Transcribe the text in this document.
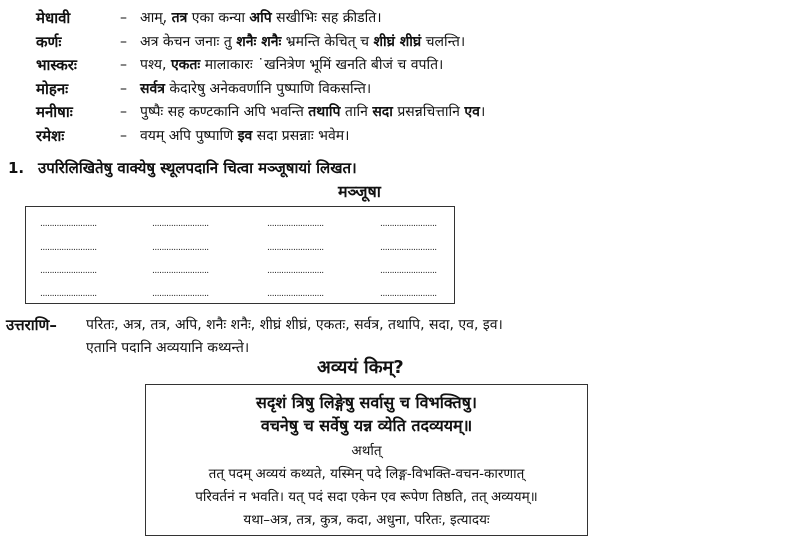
मेधावी	– आम्, तत्र एका कन्या अपि सखीभिः सह क्रीडति।
कर्णः	– अत्र केचन जनाः तु शनैः शनैः भ्रमन्ति केचित् च शीघ्रं शीघ्रं चलन्ति।
भास्करः	– पश्य, एकतः मालाकारः ˙खनित्रेण भूमिं खनति बीजं च वपति।
मोहनः	– सर्वत्र केदारेषु अनेकवर्णानि पुष्पाणि विकसन्ति।
मनीषाः	– पुष्पैः सह कण्टकानि अपि भवन्ति तथापि तानि सदा प्रसन्नचित्तानि एव।
रमेशः	– वयम् अपि पुष्पाणि इव सदा प्रसन्नाः भवेम।
1. उपरिलिखितेषु वाक्येषु स्थूलपदानि चित्वा मञ्जूषायां लिखत।
मञ्जूषा
........................	........................	........................	........................
........................	........................	........................	........................
........................	........................	........................	........................
........................	........................	........................	........................
उत्तराणि– परितः, अत्र, तत्र, अपि, शनैः शनैः, शीघ्रं शीघ्रं, एकतः, सर्वत्र, तथापि, सदा, एव, इव।
एतानि पदानि अव्ययानि कथ्यन्ते।
अव्ययं किम्?
सदृशं त्रिषु लिङ्गेषु सर्वासु च विभक्तिषु।
वचनेषु च सर्वेषु यन्न व्येति तदव्ययम्॥
अर्थात्
तत् पदम् अव्ययं कथ्यते, यस्मिन् पदे लिङ्ग-विभक्ति-वचन-कारणात्
परिवर्तनं न भवति। यत् पदं सदा एकेन एव रूपेण तिष्ठति, तत् अव्ययम्॥
यथा–अत्र, तत्र, कुत्र, कदा, अधुना, परितः, इत्यादयः
